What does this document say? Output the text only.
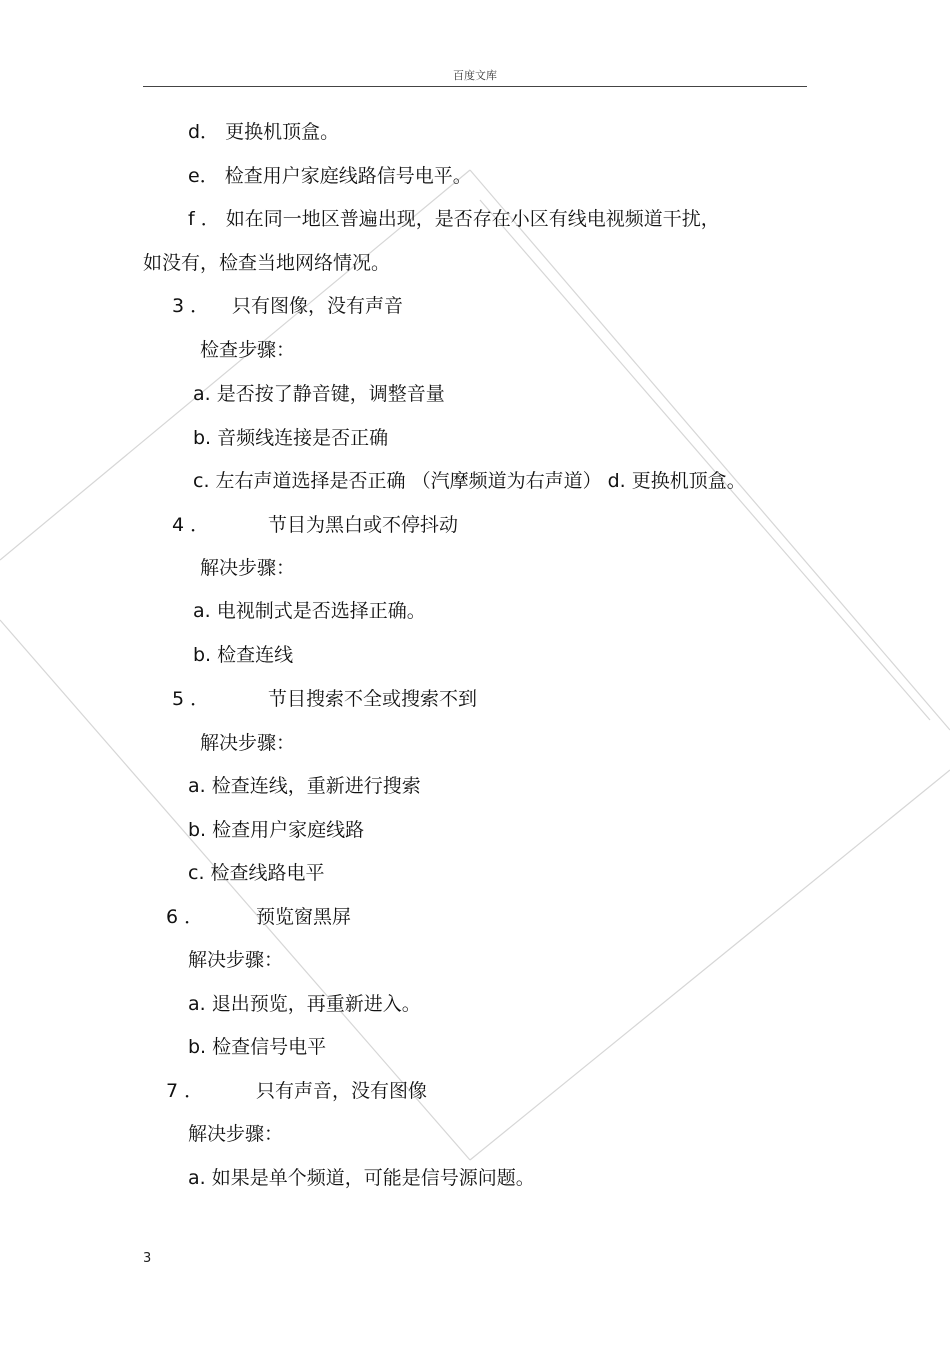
百度文库
d． 更换机顶盒。
e． 检查用户家庭线路信号电平。
f ． 如在同一地区普遍出现，是否存在小区有线电视频道干扰，
如没有，检查当地网络情况。
3 ． 只有图像，没有声音
检查步骤：
a. 是否按了静音键，调整音量
b. 音频线连接是否正确
c. 左右声道选择是否正确 （汽摩频道为右声道） d. 更换机顶盒。
4 ．	节目为黑白或不停抖动
解决步骤：
a. 电视制式是否选择正确。
b. 检查连线
5 ．	节目搜索不全或搜索不到
解决步骤：
a. 检查连线，重新进行搜索
b. 检查用户家庭线路
c. 检查线路电平
6 ．	预览窗黑屏
解决步骤：
a. 退出预览，再重新进入。
b. 检查信号电平
7 ．	只有声音，没有图像
解决步骤：
a. 如果是单个频道，可能是信号源问题。
3
